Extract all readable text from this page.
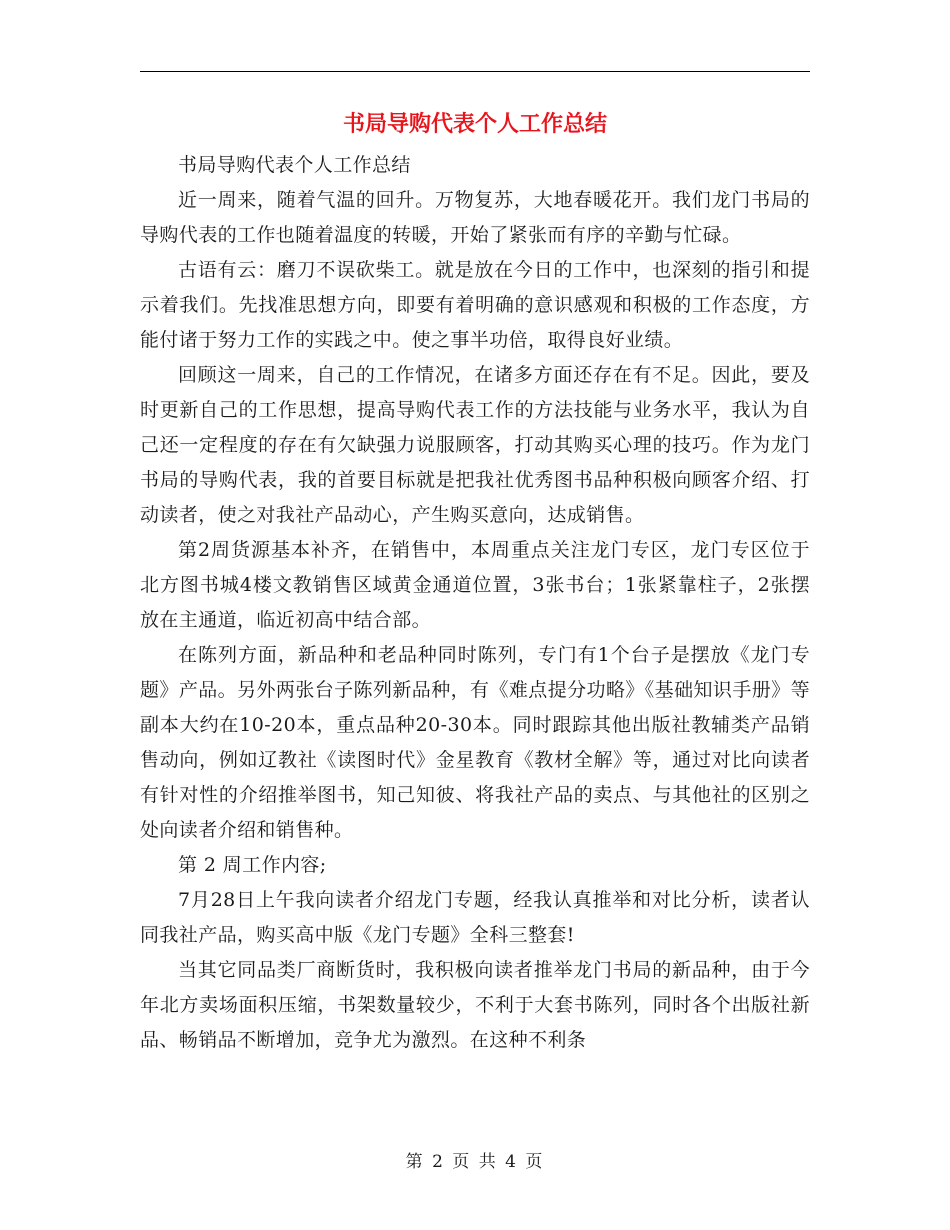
书局导购代表个人工作总结

书局导购代表个人工作总结

近一周来，随着气温的回升。万物复苏，大地春暖花开。我们龙门书局的导购代表的工作也随着温度的转暖，开始了紧张而有序的辛勤与忙碌。

古语有云：磨刀不误砍柴工。就是放在今日的工作中，也深刻的指引和提示着我们。先找准思想方向，即要有着明确的意识感观和积极的工作态度，方能付诸于努力工作的实践之中。使之事半功倍，取得良好业绩。

回顾这一周来，自己的工作情况，在诸多方面还存在有不足。因此，要及时更新自己的工作思想，提高导购代表工作的方法技能与业务水平，我认为自己还一定程度的存在有欠缺强力说服顾客，打动其购买心理的技巧。作为龙门书局的导购代表，我的首要目标就是把我社优秀图书品种积极向顾客介绍、打动读者，使之对我社产品动心，产生购买意向，达成销售。

第2周货源基本补齐，在销售中，本周重点关注龙门专区，龙门专区位于北方图书城4楼文教销售区域黄金通道位置，3张书台；1张紧靠柱子，2张摆放在主通道，临近初高中结合部。

在陈列方面，新品种和老品种同时陈列，专门有1个台子是摆放《龙门专题》产品。另外两张台子陈列新品种，有《难点提分功略》《基础知识手册》等副本大约在10-20本，重点品种20-30本。同时跟踪其他出版社教辅类产品销售动向，例如辽教社《读图时代》金星教育《教材全解》等，通过对比向读者有针对性的介绍推举图书，知己知彼、将我社产品的卖点、与其他社的区别之处向读者介绍和销售种。

第 2 周工作内容;

7月28日上午我向读者介绍龙门专题，经我认真推举和对比分析，读者认同我社产品，购买高中版《龙门专题》全科三整套!

当其它同品类厂商断货时，我积极向读者推举龙门书局的新品种，由于今年北方卖场面积压缩，书架数量较少，不利于大套书陈列，同时各个出版社新品、畅销品不断增加，竞争尤为激烈。在这种不利条

第 2 页 共 4 页
